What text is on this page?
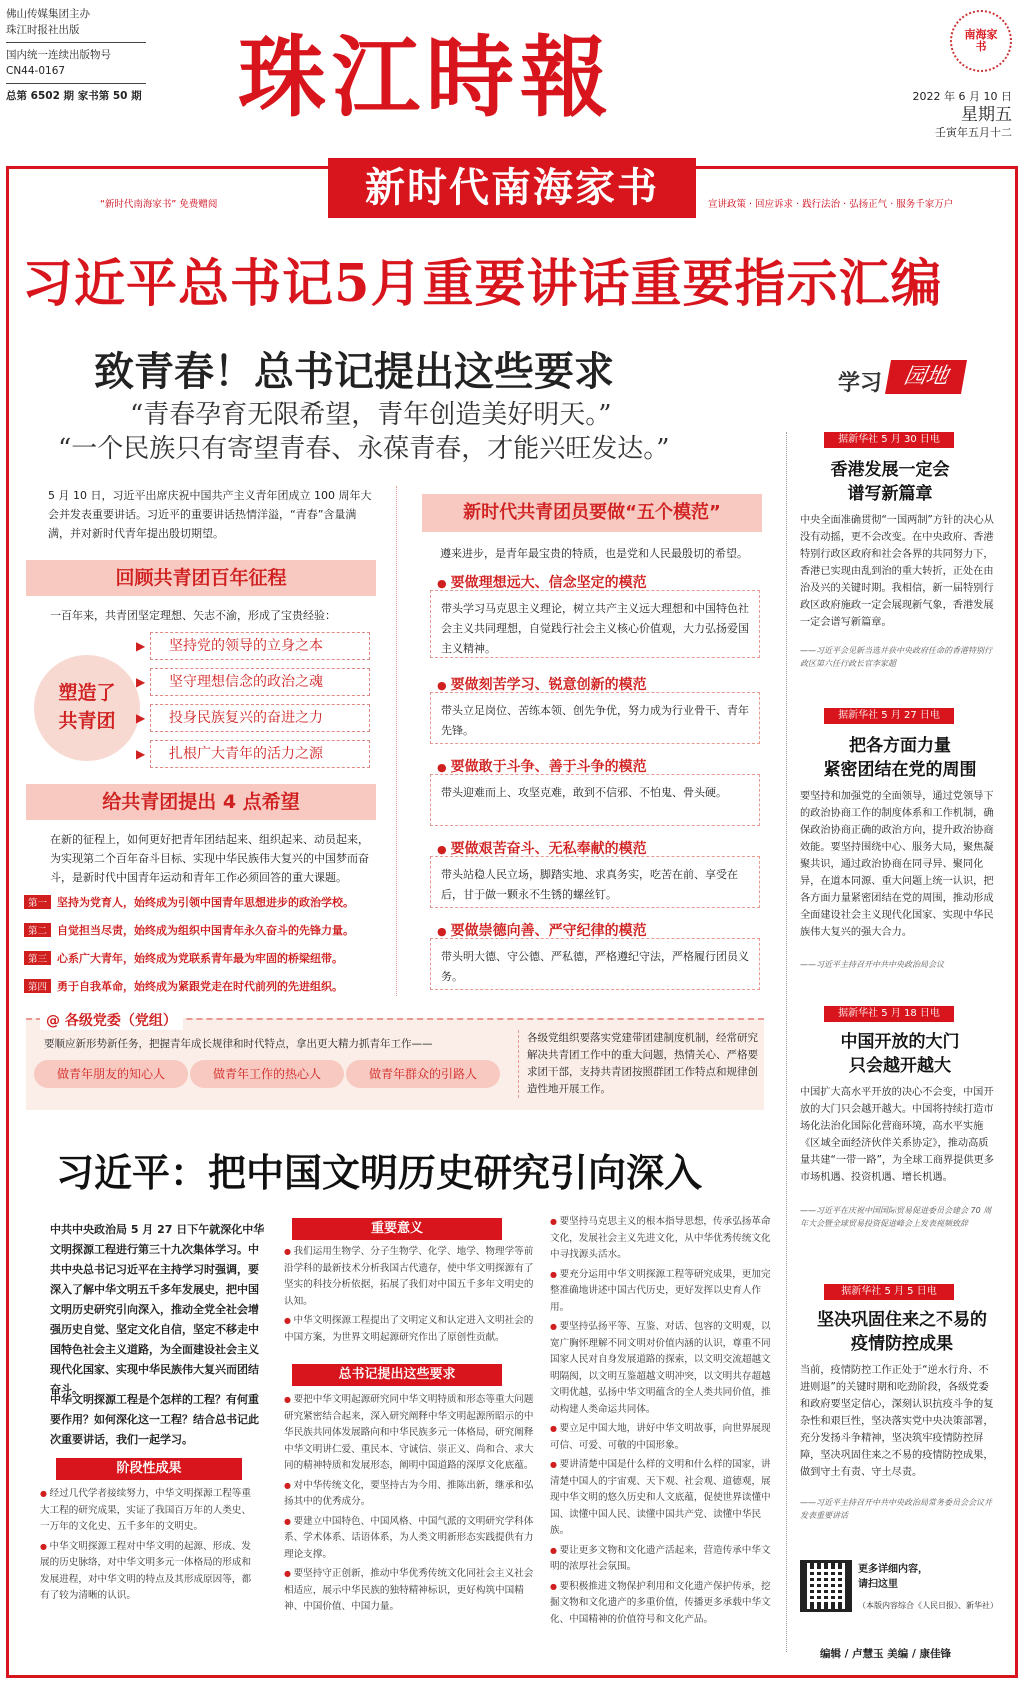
佛山传媒集团主办
珠江时报社出版
国内统一连续出版物号
CN44-0167
总第 6502 期 家书第 50 期 珠江時報	南海家书
2022 年 6 月 10 日
星期五
壬寅年五月十二
新时代南海家书
“新时代南海家书” 免费赠阅	宣讲政策 · 回应诉求 · 践行法治 · 弘扬正气 · 服务千家万户
习近平总书记5月重要讲话重要指示汇编
致青春！总书记提出这些要求
“青春孕育无限希望，青年创造美好明天。”
“一个民族只有寄望青春、永葆青春，才能兴旺发达。”
学习 园地
5 月 10 日，习近平出席庆祝中国共产主义青年团成立 100 周年大会并发表重要讲话。习近平的重要讲话热情洋溢，“青春”含量满满，并对新时代青年提出殷切期望。
回顾共青团百年征程
一百年来，共青团坚定理想、矢志不渝，形成了宝贵经验：
塑造了共青团
▶ 坚持党的领导的立身之本
▶ 坚守理想信念的政治之魂
▶ 投身民族复兴的奋进之力
▶ 扎根广大青年的活力之源
给共青团提出 4 点希望
在新的征程上，如何更好把青年团结起来、组织起来、动员起来，为实现第二个百年奋斗目标、实现中华民族伟大复兴的中国梦而奋斗，是新时代中国青年运动和青年工作必须回答的重大课题。
第一 坚持为党育人，始终成为引领中国青年思想进步的政治学校。
第二 自觉担当尽责，始终成为组织中国青年永久奋斗的先锋力量。
第三 心系广大青年，始终成为党联系青年最为牢固的桥梁纽带。
第四 勇于自我革命，始终成为紧跟党走在时代前列的先进组织。
新时代共青团员要做“五个模范”
遵来进步，是青年最宝贵的特质，也是党和人民最殷切的希望。
● 要做理想远大、信念坚定的模范
带头学习马克思主义理论，树立共产主义远大理想和中国特色社会主义共同理想，自觉践行社会主义核心价值观，大力弘扬爱国主义精神。
● 要做刻苦学习、锐意创新的模范
带头立足岗位、苦练本领、创先争优，努力成为行业骨干、青年先锋。
● 要做敢于斗争、善于斗争的模范
带头迎难而上、攻坚克难，敢到不信邪、不怕鬼、骨头硬。
● 要做艰苦奋斗、无私奉献的模范
带头站稳人民立场，脚踏实地、求真务实，吃苦在前、享受在后，甘于做一颗永不生锈的螺丝钉。
● 要做崇德向善、严守纪律的模范
带头明大德、守公德、严私德，严格遵纪守法，严格履行团员义务。
@ 各级党委（党组）
要顺应新形势新任务，把握青年成长规律和时代特点，拿出更大精力抓青年工作——
做青年朋友的知心人	做青年工作的热心人	做青年群众的引路人
各级党组织要落实党建带团建制度机制，经常研究解决共青团工作中的重大问题，热情关心、严格要求团干部，支持共青团按照群团工作特点和规律创造性地开展工作。
据新华社 5 月 30 日电
香港发展一定会
谱写新篇章
中央全面准确贯彻“一国两制”方针的决心从没有动摇，更不会改变。在中央政府、香港特别行政区政府和社会各界的共同努力下，香港已实现由乱到治的重大转折，正处在由治及兴的关键时期。我相信，新一届特别行政区政府施政一定会展现新气象，香港发展一定会谱写新篇章。
——习近平会见新当选并获中央政府任命的香港特别行政区第六任行政长官李家超
据新华社 5 月 27 日电
把各方面力量
紧密团结在党的周围
要坚持和加强党的全面领导，通过党领导下的政治协商工作的制度体系和工作机制，确保政治协商正确的政治方向，提升政治协商效能。要坚持围绕中心、服务大局，聚焦凝聚共识，通过政治协商在同寻异、聚同化异，在道本同源、重大问题上统一认识，把各方面力量紧密团结在党的周围，推动形成全面建设社会主义现代化国家、实现中华民族伟大复兴的强大合力。
——习近平主持召开中共中央政治局会议
据新华社 5 月 18 日电
中国开放的大门
只会越开越大
中国扩大高水平开放的决心不会变，中国开放的大门只会越开越大。中国将持续打造市场化法治化国际化营商环境，高水平实施《区域全面经济伙伴关系协定》，推动高质量共建“一带一路”，为全球工商界提供更多市场机遇、投资机遇、增长机遇。
——习近平在庆祝中国国际贸易促进委员会建会 70 周年大会暨全球贸易投资促进峰会上发表视频致辞
据新华社 5 月 5 日电
坚决巩固住来之不易的
疫情防控成果
当前，疫情防控工作正处于“逆水行舟、不进则退”的关键时期和吃劲阶段，各级党委和政府要坚定信心，深刻认识抗疫斗争的复杂性和艰巨性，坚决落实党中央决策部署，充分发扬斗争精神，坚决筑牢疫情防控屏障，坚决巩固住来之不易的疫情防控成果，做到守土有责、守土尽责。
——习近平主持召开中共中央政治局常务委员会会议并发表重要讲话
更多详细内容，
请扫这里
（本版内容综合《人民日报》、新华社）
编辑 / 卢慧玉 美编 / 康佳锋
习近平：把中国文明历史研究引向深入
中共中央政治局 5 月 27 日下午就深化中华文明探源工程进行第三十九次集体学习。中共中央总书记习近平在主持学习时强调，要深入了解中华文明五千多年发展史，把中国文明历史研究引向深入，推动全党全社会增强历史自觉、坚定文化自信，坚定不移走中国特色社会主义道路，为全面建设社会主义现代化国家、实现中华民族伟大复兴而团结奋斗。
中华文明探源工程是个怎样的工程？有何重要作用？如何深化这一工程？结合总书记此次重要讲话，我们一起学习。
阶段性成果
● 经过几代学者接续努力，中华文明探源工程等重大工程的研究成果，实证了我国百万年的人类史、一万年的文化史、五千多年的文明史。
● 中华文明探源工程对中华文明的起源、形成、发展的历史脉络，对中华文明多元一体格局的形成和发展进程，对中华文明的特点及其形成原因等，都有了较为清晰的认识。
重要意义
● 我们运用生物学、分子生物学、化学、地学、物理学等前沿学科的最新技术分析我国古代遗存，使中华文明探源有了坚实的科技分析依据，拓展了我们对中国五千多年文明史的认知。
● 中华文明探源工程提出了文明定义和认定进入文明社会的中国方案，为世界文明起源研究作出了原创性贡献。
总书记提出这些要求
● 要把中华文明起源研究同中华文明特质和形态等重大问题研究紧密结合起来，深入研究阐释中华文明起源所昭示的中华民族共同体发展路向和中华民族多元一体格局，研究阐释中华文明讲仁爱、重民本、守诚信、崇正义、尚和合、求大同的精神特质和发展形态，阐明中国道路的深厚文化底蕴。
● 对中华传统文化，要坚持古为今用、推陈出新，继承和弘扬其中的优秀成分。
● 要建立中国特色、中国风格、中国气派的文明研究学科体系、学术体系、话语体系，为人类文明新形态实践提供有力理论支撑。
● 要坚持守正创新，推动中华优秀传统文化同社会主义社会相适应，展示中华民族的独特精神标识，更好构筑中国精神、中国价值、中国力量。
● 要坚持马克思主义的根本指导思想，传承弘扬革命文化，发展社会主义先进文化，从中华优秀传统文化中寻找源头活水。
● 要充分运用中华文明探源工程等研究成果，更加完整准确地讲述中国古代历史，更好发挥以史育人作用。
● 要坚持弘扬平等、互鉴、对话、包容的文明观，以宽广胸怀理解不同文明对价值内涵的认识，尊重不同国家人民对自身发展道路的探索，以文明交流超越文明隔阂，以文明互鉴超越文明冲突，以文明共存超越文明优越，弘扬中华文明蕴含的全人类共同价值，推动构建人类命运共同体。
● 要立足中国大地，讲好中华文明故事，向世界展现可信、可爱、可敬的中国形象。
● 要讲清楚中国是什么样的文明和什么样的国家，讲清楚中国人的宇宙观、天下观、社会观、道德观，展现中华文明的悠久历史和人文底蕴，促使世界读懂中国、读懂中国人民、读懂中国共产党、读懂中华民族。
● 要让更多文物和文化遗产活起来，营造传承中华文明的浓厚社会氛围。
● 要积极推进文物保护利用和文化遗产保护传承，挖掘文物和文化遗产的多重价值，传播更多承载中华文化、中国精神的价值符号和文化产品。
